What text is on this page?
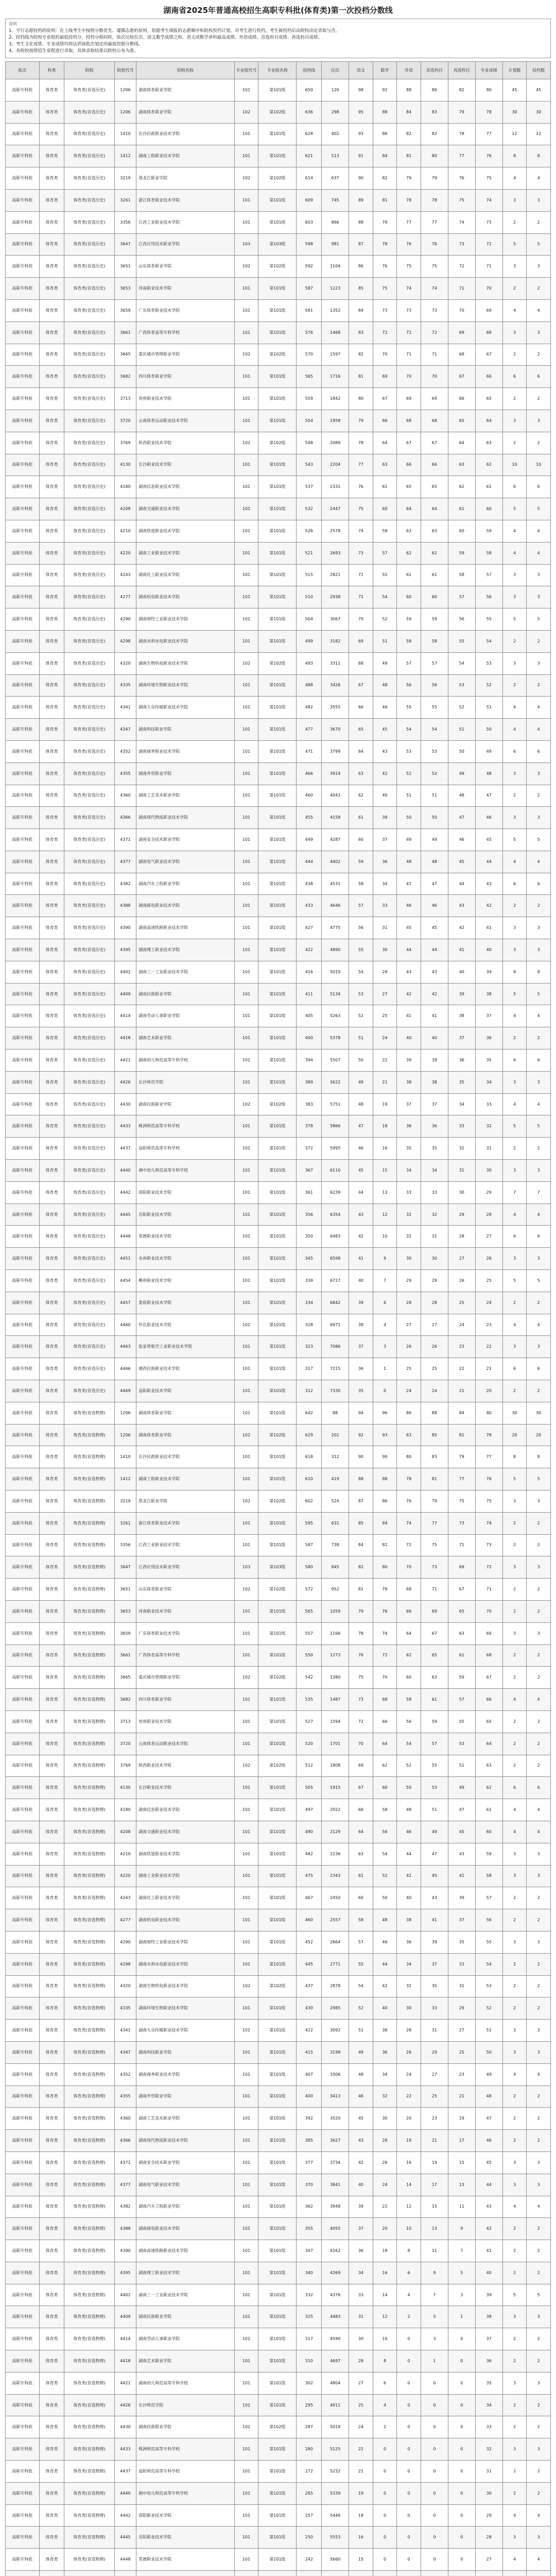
湖南省2025年普通高校招生高职专科批(体育类)第一次投档分数线
说明
1、平行志愿投档的原则：在上线考生中按照分数优先、遵循志愿的原则，依据考生填报的志愿顺序和院校投档计划，对考生进行投档，考生被投档后由院校决定录取与否。
2、投档线为院校专业组的最低投档分，投档分相同时，依次比较位次、语文数学成绩之和、语文或数学单科最高成绩、外语成绩、首选科目成绩、再选科目成绩。
3、考生文化成绩、专业成绩均须达到该批次划定的最低控制分数线。
4、各院校按照招生章程进行录取，具体录取结果以院校公布为准。
批次	科类	院校	院校代号	院校名称	专业组代号	专业组名称	投档线	位次	语文	数学	外语	首选科目	再选科目	专业成绩	计划数	投档数
高职专科批	体育类	体育类(首选历史)	1206	湖南体育职业学院	101	第101组	650	120	98	92	88	86	82	80	45	45
高职专科批	体育类	体育类(首选历史)	1206	湖南体育职业学院	102	第102组	636	298	95	88	84	83	79	78	30	30
高职专科批	体育类	体育类(首选历史)	1410	长沙民政职业技术学院	101	第101组	628	402	93	86	82	82	78	77	12	12
高职专科批	体育类	体育类(首选历史)	1412	湖南工程职业技术学院	101	第101组	621	513	91	84	81	80	77	76	8	8
高职专科批	体育类	体育类(首选历史)	3219	黑龙江职业学院	102	第102组	614	637	90	82	79	79	76	75	4	4
高职专科批	体育类	体育类(首选历史)	3261	浙江体育职业技术学院	101	第101组	609	745	89	81	78	78	75	74	3	3
高职专科批	体育类	体育类(首选历史)	3356	江西工业职业技术学院	101	第101组	603	866	88	79	77	77	74	73	2	2
高职专科批	体育类	体育类(首选历史)	3647	江西应用技术职业学院	103	第103组	598	981	87	78	76	76	73	72	5	5
高职专科批	体育类	体育类(首选历史)	3651	山东体育职业学院	102	第102组	592	1104	86	76	75	75	72	71	3	3
高职专科批	体育类	体育类(首选历史)	3653	河南职业技术学院	101	第101组	587	1223	85	75	74	74	71	70	2	2
高职专科批	体育类	体育类(首选历史)	3659	广东体育职业技术学院	101	第101组	581	1352	84	73	73	73	70	69	4	4
高职专科批	体育类	体育类(首选历史)	3661	广西体育高等专科学校	101	第101组	576	1468	83	72	72	72	69	68	3	3
高职专科批	体育类	体育类(首选历史)	3665	重庆城市管理职业学院	102	第102组	570	1597	82	70	71	71	68	67	2	2
高职专科批	体育类	体育类(首选历史)	3682	四川体育职业学院	101	第101组	565	1716	81	69	70	70	67	66	6	6
高职专科批	体育类	体育类(首选历史)	3713	贵州职业技术学院	101	第101组	559	1842	80	67	69	69	66	65	2	2
高职专科批	体育类	体育类(首选历史)	3720	云南体育运动职业技术学院	101	第101组	554	1958	79	66	68	68	65	64	3	3
高职专科批	体育类	体育类(首选历史)	3769	陕西职业技术学院	102	第102组	548	2089	78	64	67	67	64	63	2	2
高职专科批	体育类	体育类(首选历史)	4130	长沙职业技术学院	101	第101组	543	2204	77	63	66	66	63	62	10	10
高职专科批	体育类	体育类(首选历史)	4180	湖南信息职业技术学院	101	第101组	537	2331	76	61	65	65	62	61	6	6
高职专科批	体育类	体育类(首选历史)	4208	湖南交通职业技术学院	101	第101组	532	2447	75	60	64	64	61	60	5	5
高职专科批	体育类	体育类(首选历史)	4210	湖南铁道职业技术学院	101	第101组	526	2578	74	58	63	63	60	59	4	4
高职专科批	体育类	体育类(首选历史)	4220	湖南工业职业技术学院	101	第101组	521	2693	73	57	62	62	59	58	4	4
高职专科批	体育类	体育类(首选历史)	4243	湖南化工职业技术学院	101	第101组	515	2821	72	55	61	61	58	57	3	3
高职专科批	体育类	体育类(首选历史)	4277	湖南机电职业技术学院	101	第101组	510	2938	71	54	60	60	57	56	3	3
高职专科批	体育类	体育类(首选历史)	4290	湖南财经工业职业技术学院	101	第101组	504	3067	70	52	59	59	56	55	5	5
高职专科批	体育类	体育类(首选历史)	4298	湖南水利水电职业技术学院	101	第101组	499	3182	69	51	58	58	55	54	2	2
高职专科批	体育类	体育类(首选历史)	4320	湖南生物机电职业技术学院	102	第102组	493	3311	68	49	57	57	54	53	3	3
高职专科批	体育类	体育类(首选历史)	4335	湖南环境生物职业技术学院	101	第101组	488	3426	67	48	56	56	53	52	2	2
高职专科批	体育类	体育类(首选历史)	4341	湖南大众传媒职业技术学院	101	第101组	482	3555	66	46	55	55	52	51	4	4
高职专科批	体育类	体育类(首选历史)	4347	湖南科技职业学院	101	第101组	477	3670	65	45	54	54	51	50	4	4
高职专科批	体育类	体育类(首选历史)	4352	湖南商务职业技术学院	101	第101组	471	3799	64	43	53	53	50	49	6	6
高职专科批	体育类	体育类(首选历史)	4355	湖南外贸职业学院	101	第101组	466	3914	63	42	52	52	49	48	3	3
高职专科批	体育类	体育类(首选历史)	4360	湖南工艺美术职业学院	101	第101组	460	4043	62	40	51	51	48	47	2	2
高职专科批	体育类	体育类(首选历史)	4366	湖南现代物流职业技术学院	101	第101组	455	4158	61	39	50	50	47	46	3	3
高职专科批	体育类	体育类(首选历史)	4371	湖南安全技术职业学院	101	第101组	449	4287	60	37	49	49	46	45	5	5
高职专科批	体育类	体育类(首选历史)	4377	湖南电气职业技术学院	101	第101组	444	4402	59	36	48	48	45	44	4	4
高职专科批	体育类	体育类(首选历史)	4382	湖南汽车工程职业学院	101	第101组	438	4531	58	34	47	47	44	43	6	6
高职专科批	体育类	体育类(首选历史)	4388	湖南邮电职业技术学院	101	第101组	433	4646	57	33	46	46	43	42	2	2
高职专科批	体育类	体育类(首选历史)	4390	湖南高速铁路职业技术学院	101	第101组	427	4775	56	31	45	45	42	41	3	3
高职专科批	体育类	体育类(首选历史)	4395	湖南理工职业技术学院	101	第101组	422	4890	55	30	44	44	41	40	3	3
高职专科批	体育类	体育类(首选历史)	4402	湖南三一工业职业技术学院	101	第101组	416	5019	54	28	43	43	40	39	8	8
高职专科批	体育类	体育类(首选历史)	4409	湖南民族职业学院	101	第101组	411	5134	53	27	42	42	39	38	5	5
高职专科批	体育类	体育类(首选历史)	4414	湖南劳动人事职业学院	101	第101组	405	5263	52	25	41	41	38	37	4	4
高职专科批	体育类	体育类(首选历史)	4418	湖南艺术职业学院	101	第101组	400	5378	51	24	40	40	37	36	2	2
高职专科批	体育类	体育类(首选历史)	4421	湖南幼儿师范高等专科学校	101	第101组	394	5507	50	22	39	39	36	35	6	6
高职专科批	体育类	体育类(首选历史)	4426	长沙师范学院	101	第101组	389	5622	49	21	38	38	35	34	3	3
高职专科批	体育类	体育类(首选历史)	4430	湖南民族职业学院	102	第102组	383	5751	48	19	37	37	34	33	4	4
高职专科批	体育类	体育类(首选历史)	4433	株洲师范高等专科学校	101	第101组	378	5866	47	18	36	36	33	32	5	5
高职专科批	体育类	体育类(首选历史)	4437	益阳师范高等专科学校	101	第101组	372	5995	46	16	35	35	32	31	2	2
高职专科批	体育类	体育类(首选历史)	4440	湘中幼儿师范高等专科学校	101	第101组	367	6110	45	15	34	34	31	30	3	3
高职专科批	体育类	体育类(首选历史)	4442	邵阳职业技术学院	101	第101组	361	6239	44	13	33	33	30	29	7	7
高职专科批	体育类	体育类(首选历史)	4445	岳阳职业技术学院	101	第101组	356	6354	43	12	32	32	29	28	4	4
高职专科批	体育类	体育类(首选历史)	4448	常德职业技术学院	101	第101组	350	6483	42	10	31	31	28	27	6	6
高职专科批	体育类	体育类(首选历史)	4451	永州职业技术学院	101	第101组	345	6598	41	9	30	30	27	26	3	3
高职专科批	体育类	体育类(首选历史)	4454	郴州职业技术学院	101	第101组	339	6727	40	7	29	29	26	25	5	5
高职专科批	体育类	体育类(首选历史)	4457	娄底职业技术学院	101	第101组	334	6842	39	6	28	28	25	24	2	2
高职专科批	体育类	体育类(首选历史)	4460	怀化职业技术学院	101	第101组	328	6971	38	4	27	27	24	23	4	4
高职专科批	体育类	体育类(首选历史)	4463	张家界航空工业职业技术学院	101	第101组	323	7086	37	3	26	26	23	22	3	3
高职专科批	体育类	体育类(首选历史)	4466	湘西民族职业技术学院	101	第101组	317	7215	36	1	25	25	22	21	6	6
高职专科批	体育类	体育类(首选历史)	4469	益阳职业技术学院	101	第101组	312	7330	35	0	24	24	21	20	2	2
高职专科批	体育类	体育类(首选物理)	1206	湖南体育职业学院	101	第101组	642	88	94	96	86	88	84	80	30	30
高职专科批	体育类	体育类(首选物理)	1206	湖南体育职业学院	102	第102组	629	201	92	93	83	85	81	78	20	20
高职专科批	体育类	体育类(首选物理)	1410	长沙民政职业技术学院	101	第101组	618	312	90	90	80	83	79	77	8	8
高职专科批	体育类	体育类(首选物理)	1412	湖南工程职业技术学院	101	第101组	610	419	88	88	78	81	77	76	5	5
高职专科批	体育类	体育类(首选物理)	3219	黑龙江职业学院	102	第102组	602	524	87	86	76	79	75	75	3	3
高职专科批	体育类	体育类(首选物理)	3261	浙江体育职业技术学院	101	第101组	595	631	85	84	74	77	73	74	2	2
高职专科批	体育类	体育类(首选物理)	3356	江西工业职业技术学院	101	第101组	587	738	84	82	72	75	71	73	2	2
高职专科批	体育类	体育类(首选物理)	3647	江西应用技术职业学院	103	第103组	580	845	82	80	70	73	69	72	3	3
高职专科批	体育类	体育类(首选物理)	3651	山东体育职业学院	102	第102组	572	952	81	78	68	71	67	71	2	2
高职专科批	体育类	体育类(首选物理)	3653	河南职业技术学院	101	第101组	565	1059	79	76	66	69	65	70	2	2
高职专科批	体育类	体育类(首选物理)	3659	广东体育职业技术学院	101	第101组	557	1166	78	74	64	67	63	69	3	3
高职专科批	体育类	体育类(首选物理)	3661	广西体育高等专科学校	101	第101组	550	1273	76	72	62	65	61	68	2	2
高职专科批	体育类	体育类(首选物理)	3665	重庆城市管理职业学院	102	第102组	542	1380	75	70	60	63	59	67	2	2
高职专科批	体育类	体育类(首选物理)	3682	四川体育职业学院	101	第101组	535	1487	73	68	58	61	57	66	4	4
高职专科批	体育类	体育类(首选物理)	3713	贵州职业技术学院	101	第101组	527	1594	72	66	56	59	55	65	2	2
高职专科批	体育类	体育类(首选物理)	3720	云南体育运动职业技术学院	101	第101组	520	1701	70	64	54	57	53	64	2	2
高职专科批	体育类	体育类(首选物理)	3769	陕西职业技术学院	102	第102组	512	1808	69	62	52	55	51	63	2	2
高职专科批	体育类	体育类(首选物理)	4130	长沙职业技术学院	101	第101组	505	1915	67	60	50	53	49	62	6	6
高职专科批	体育类	体育类(首选物理)	4180	湖南信息职业技术学院	101	第101组	497	2022	66	58	48	51	47	61	4	4
高职专科批	体育类	体育类(首选物理)	4208	湖南交通职业技术学院	101	第101组	490	2129	64	56	46	49	45	60	4	4
高职专科批	体育类	体育类(首选物理)	4210	湖南铁道职业技术学院	101	第101组	482	2236	63	54	44	47	43	59	3	3
高职专科批	体育类	体育类(首选物理)	4220	湖南工业职业技术学院	101	第101组	475	2343	61	52	42	45	41	58	3	3
高职专科批	体育类	体育类(首选物理)	4243	湖南化工职业技术学院	101	第101组	467	2450	60	50	40	43	39	57	2	2
高职专科批	体育类	体育类(首选物理)	4277	湖南机电职业技术学院	101	第101组	460	2557	58	48	38	41	37	56	2	2
高职专科批	体育类	体育类(首选物理)	4290	湖南财经工业职业技术学院	101	第101组	452	2664	57	46	36	39	35	55	3	3
高职专科批	体育类	体育类(首选物理)	4298	湖南水利水电职业技术学院	101	第101组	445	2771	55	44	34	37	33	54	2	2
高职专科批	体育类	体育类(首选物理)	4320	湖南生物机电职业技术学院	102	第102组	437	2878	54	42	32	35	31	53	2	2
高职专科批	体育类	体育类(首选物理)	4335	湖南环境生物职业技术学院	101	第101组	430	2985	52	40	30	33	29	52	2	2
高职专科批	体育类	体育类(首选物理)	4341	湖南大众传媒职业技术学院	101	第101组	422	3092	51	38	28	31	27	51	3	3
高职专科批	体育类	体育类(首选物理)	4347	湖南科技职业学院	101	第101组	415	3199	49	36	26	29	25	50	3	3
高职专科批	体育类	体育类(首选物理)	4352	湖南商务职业技术学院	101	第101组	407	3306	48	34	24	27	23	49	4	4
高职专科批	体育类	体育类(首选物理)	4355	湖南外贸职业学院	101	第101组	400	3413	46	32	22	25	21	48	2	2
高职专科批	体育类	体育类(首选物理)	4360	湖南工艺美术职业学院	101	第101组	392	3520	45	30	20	23	19	47	2	2
高职专科批	体育类	体育类(首选物理)	4366	湖南现代物流职业技术学院	101	第101组	385	3627	43	28	18	21	17	46	2	2
高职专科批	体育类	体育类(首选物理)	4371	湖南安全技术职业学院	101	第101组	377	3734	42	26	16	19	15	45	3	3
高职专科批	体育类	体育类(首选物理)	4377	湖南电气职业技术学院	101	第101组	370	3841	40	24	14	17	13	44	3	3
高职专科批	体育类	体育类(首选物理)	4382	湖南汽车工程职业学院	101	第101组	362	3948	39	22	12	15	11	43	4	4
高职专科批	体育类	体育类(首选物理)	4388	湖南邮电职业技术学院	101	第101组	355	4055	37	20	10	13	9	42	2	2
高职专科批	体育类	体育类(首选物理)	4390	湖南高速铁路职业技术学院	101	第101组	347	4162	36	18	8	11	7	41	2	2
高职专科批	体育类	体育类(首选物理)	4395	湖南理工职业技术学院	101	第101组	340	4269	34	16	6	9	5	40	2	2
高职专科批	体育类	体育类(首选物理)	4402	湖南三一工业职业技术学院	101	第101组	332	4376	33	14	4	7	3	39	5	5
高职专科批	体育类	体育类(首选物理)	4409	湖南民族职业学院	101	第101组	325	4483	31	12	2	5	1	38	3	3
高职专科批	体育类	体育类(首选物理)	4414	湖南劳动人事职业学院	101	第101组	317	4590	30	10	0	3	0	37	2	2
高职专科批	体育类	体育类(首选物理)	4418	湖南艺术职业学院	101	第101组	310	4697	28	8	0	1	0	36	2	2
高职专科批	体育类	体育类(首选物理)	4421	湖南幼儿师范高等专科学校	101	第101组	302	4804	27	6	0	0	0	35	3	3
高职专科批	体育类	体育类(首选物理)	4426	长沙师范学院	101	第101组	295	4911	25	4	0	0	0	34	2	2
高职专科批	体育类	体育类(首选物理)	4430	湖南民族职业学院	102	第102组	287	5018	24	2	0	0	0	33	2	2
高职专科批	体育类	体育类(首选物理)	4433	株洲师范高等专科学校	101	第101组	280	5125	22	0	0	0	0	32	3	3
高职专科批	体育类	体育类(首选物理)	4437	益阳师范高等专科学校	101	第101组	272	5232	21	0	0	0	0	31	2	2
高职专科批	体育类	体育类(首选物理)	4440	湘中幼儿师范高等专科学校	101	第101组	265	5339	19	0	0	0	0	30	2	2
高职专科批	体育类	体育类(首选物理)	4442	邵阳职业技术学院	101	第101组	257	5446	18	0	0	0	0	29	4	4
高职专科批	体育类	体育类(首选物理)	4445	岳阳职业技术学院	101	第101组	250	5553	16	0	0	0	0	28	3	3
高职专科批	体育类	体育类(首选物理)	4448	常德职业技术学院	101	第101组	242	5660	15	0	0	0	0	27	4	4
